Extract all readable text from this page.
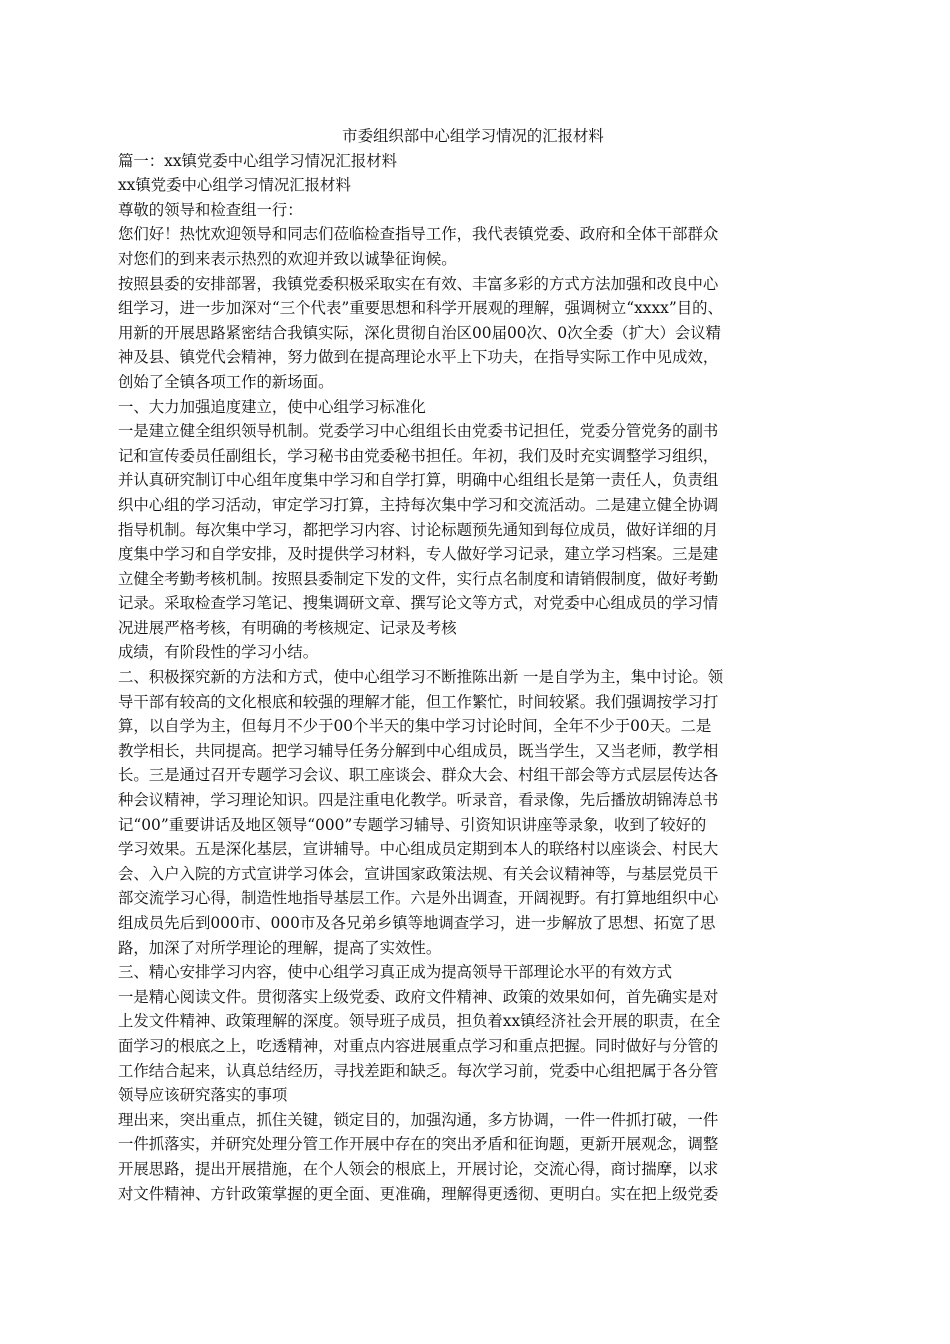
市委组织部中心组学习情况的汇报材料
篇一：xx镇党委中心组学习情况汇报材料
xx镇党委中心组学习情况汇报材料
尊敬的领导和检查组一行：
您们好！热忱欢迎领导和同志们莅临检查指导工作，我代表镇党委、政府和全体干部群众
对您们的到来表示热烈的欢迎并致以诚挚征询候。
按照县委的安排部署，我镇党委积极采取实在有效、丰富多彩的方式方法加强和改良中心
组学习，进一步加深对“三个代表”重要思想和科学开展观的理解，强调树立“xxxx”目的、
用新的开展思路紧密结合我镇实际，深化贯彻自治区00届00次、0次全委（扩大）会议精
神及县、镇党代会精神，努力做到在提高理论水平上下功夫，在指导实际工作中见成效，
创始了全镇各项工作的新场面。
一、大力加强追度建立，使中心组学习标准化
一是建立健全组织领导机制。党委学习中心组组长由党委书记担任，党委分管党务的副书
记和宣传委员任副组长，学习秘书由党委秘书担任。年初，我们及时充实调整学习组织，
并认真研究制订中心组年度集中学习和自学打算，明确中心组组长是第一责任人，负责组
织中心组的学习活动，审定学习打算，主持每次集中学习和交流活动。二是建立健全协调
指导机制。每次集中学习，都把学习内容、讨论标题预先通知到每位成员，做好详细的月
度集中学习和自学安排，及时提供学习材料，专人做好学习记录，建立学习档案。三是建
立健全考勤考核机制。按照县委制定下发的文件，实行点名制度和请销假制度，做好考勤
记录。采取检查学习笔记、搜集调研文章、撰写论文等方式，对党委中心组成员的学习情
况进展严格考核，有明确的考核规定、记录及考核
成绩，有阶段性的学习小结。
二、积极探究新的方法和方式，使中心组学习不断推陈出新 一是自学为主，集中讨论。领
导干部有较高的文化根底和较强的理解才能，但工作繁忙，时间较紧。我们强调按学习打
算，以自学为主，但每月不少于00个半天的集中学习讨论时间，全年不少于00天。二是
教学相长，共同提高。把学习辅导任务分解到中心组成员，既当学生，又当老师，教学相
长。三是通过召开专题学习会议、职工座谈会、群众大会、村组干部会等方式层层传达各
种会议精神，学习理论知识。四是注重电化教学。听录音，看录像，先后播放胡锦涛总书
记“00”重要讲话及地区领导“000”专题学习辅导、引资知识讲座等录象，收到了较好的
学习效果。五是深化基层，宣讲辅导。中心组成员定期到本人的联络村以座谈会、村民大
会、入户入院的方式宣讲学习体会，宣讲国家政策法规、有关会议精神等，与基层党员干
部交流学习心得，制造性地指导基层工作。六是外出调查，开阔视野。有打算地组织中心
组成员先后到000市、000市及各兄弟乡镇等地调查学习，进一步解放了思想、拓宽了思
路，加深了对所学理论的理解，提高了实效性。
三、精心安排学习内容，使中心组学习真正成为提高领导干部理论水平的有效方式
一是精心阅读文件。贯彻落实上级党委、政府文件精神、政策的效果如何，首先确实是对
上发文件精神、政策理解的深度。领导班子成员，担负着xx镇经济社会开展的职责，在全
面学习的根底之上，吃透精神，对重点内容进展重点学习和重点把握。同时做好与分管的
工作结合起来，认真总结经历，寻找差距和缺乏。每次学习前，党委中心组把属于各分管
领导应该研究落实的事项
理出来，突出重点，抓住关键，锁定目的，加强沟通，多方协调，一件一件抓打破，一件
一件抓落实，并研究处理分管工作开展中存在的突出矛盾和征询题，更新开展观念，调整
开展思路，提出开展措施，在个人领会的根底上，开展讨论，交流心得，商讨揣摩，以求
对文件精神、方针政策掌握的更全面、更准确，理解得更透彻、更明白。实在把上级党委
